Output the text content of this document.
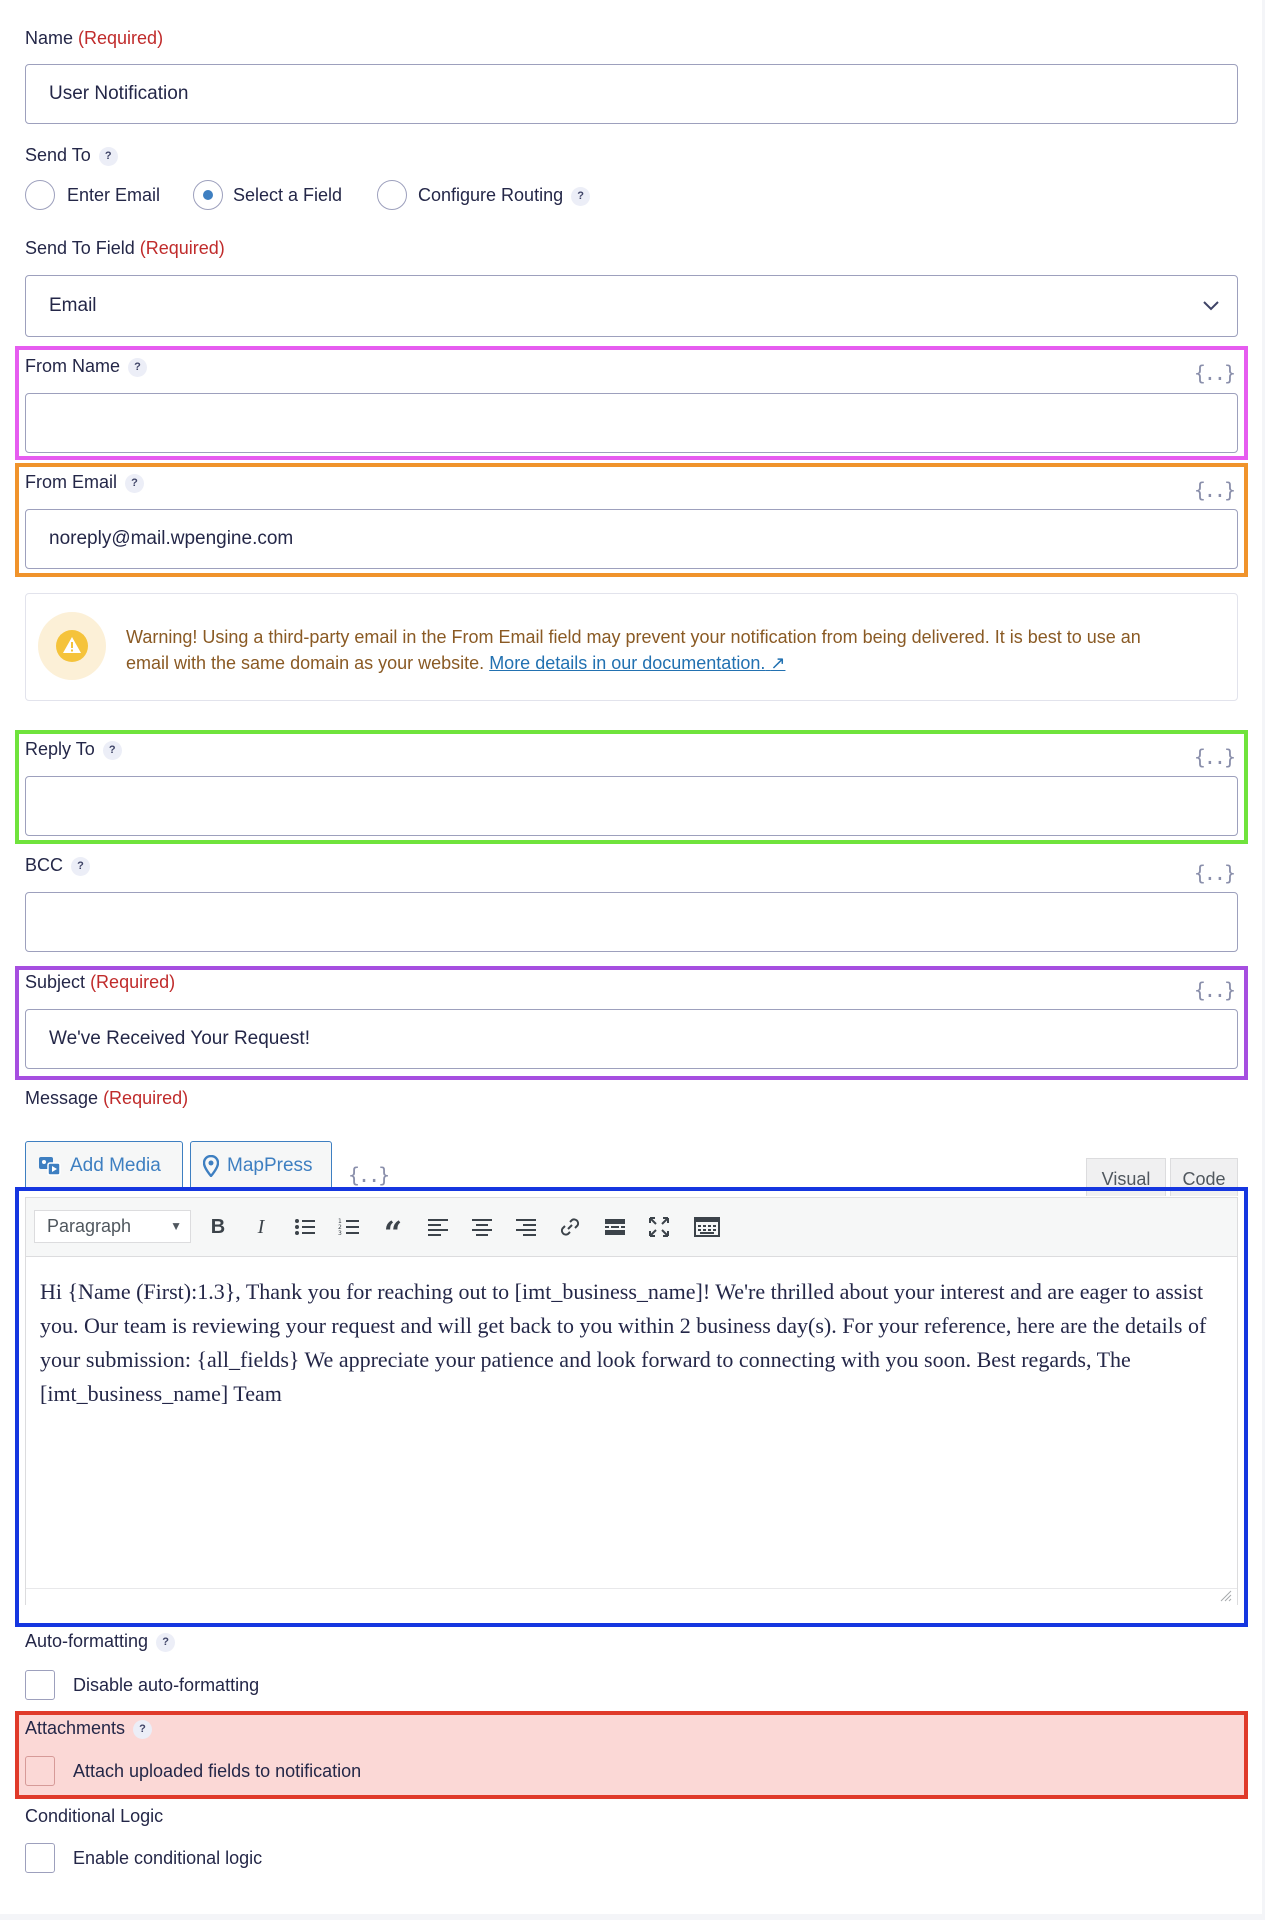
Name (Required)
User Notification
Send To ?
Enter Email	Select a Field	Configure Routing ?
Send To Field (Required)
Email
From Name ?	{..}
From Email ?	{..}
noreply@mail.wpengine.com
Warning! Using a third-party email in the From Email field may prevent your notification from being delivered. It is best to use an email with the same domain as your website. More details in our documentation. ↗
Reply To ?	{..}
BCC ?	{..}
Subject (Required)	{..}
We've Received Your Request!
Message (Required)
Add Media	MapPress {..}	Visual	Code
Paragraph	▼	B	I	1
2
3 “
Hi {Name (First):1.3}, Thank you for reaching out to [imt_business_name]! We're thrilled about your interest and are eager to assist you. Our team is reviewing your request and will get back to you within 2 business day(s). For your reference, here are the details of your submission: {all_fields} We appreciate your patience and look forward to connecting with you soon. Best regards, The [imt_business_name] Team
Auto-formatting ?
Disable auto-formatting
Attachments ?
Attach uploaded fields to notification
Conditional Logic
Enable conditional logic
